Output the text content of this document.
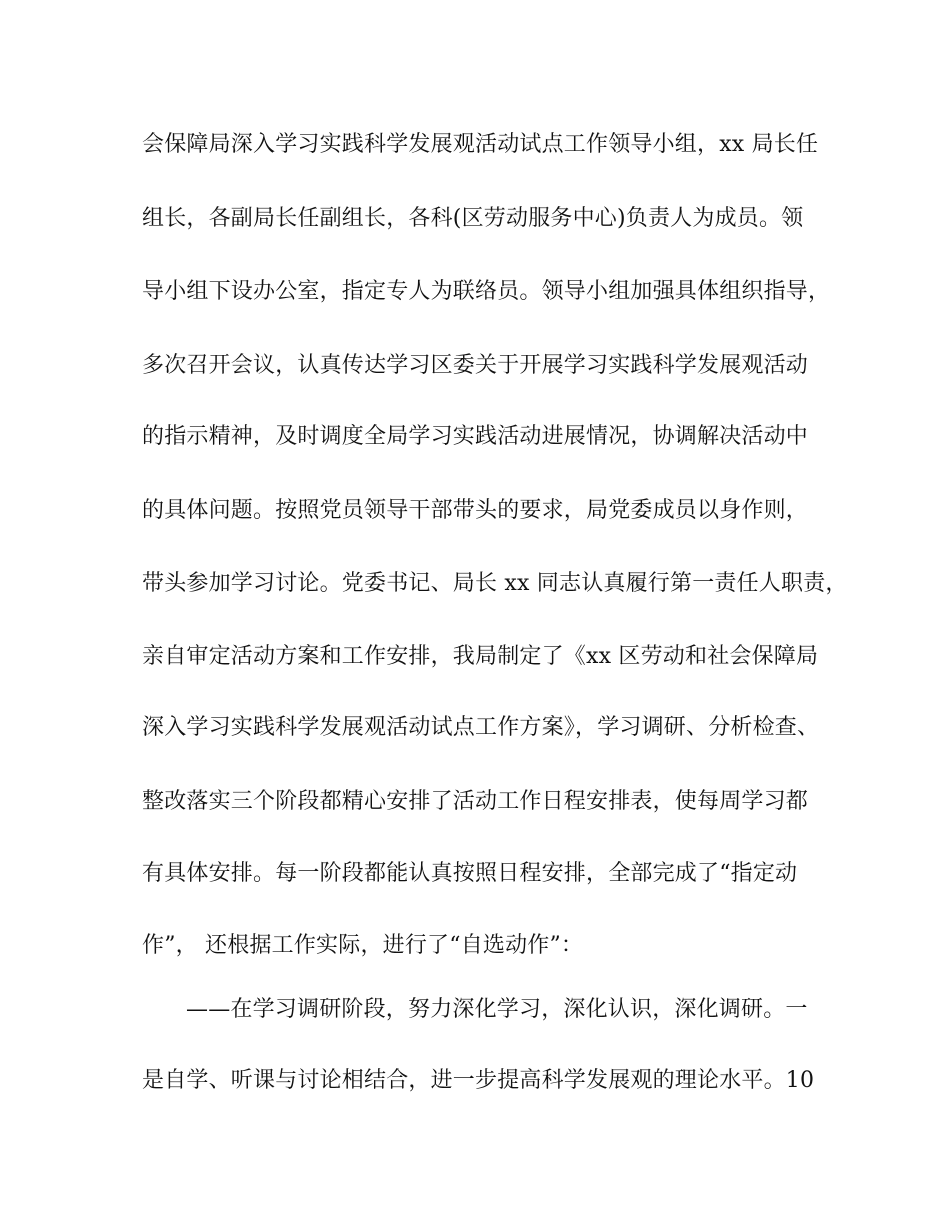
会保障局深入学习实践科学发展观活动试点工作领导小组，xx 局长任
组长，各副局长任副组长，各科(区劳动服务中心)负责人为成员。领
导小组下设办公室，指定专人为联络员。领导小组加强具体组织指导，
多次召开会议，认真传达学习区委关于开展学习实践科学发展观活动
的指示精神，及时调度全局学习实践活动进展情况，协调解决活动中
的具体问题。按照党员领导干部带头的要求，局党委成员以身作则，
带头参加学习讨论。党委书记、局长 xx 同志认真履行第一责任人职责，
亲自审定活动方案和工作安排，我局制定了《xx 区劳动和社会保障局
深入学习实践科学发展观活动试点工作方案》，学习调研、分析检查、
整改落实三个阶段都精心安排了活动工作日程安排表，使每周学习都
有具体安排。每一阶段都能认真按照日程安排，全部完成了“指定动
作”， 还根据工作实际，进行了“自选动作”：
——在学习调研阶段，努力深化学习，深化认识，深化调研。一
是自学、听课与讨论相结合，进一步提高科学发展观的理论水平。10
